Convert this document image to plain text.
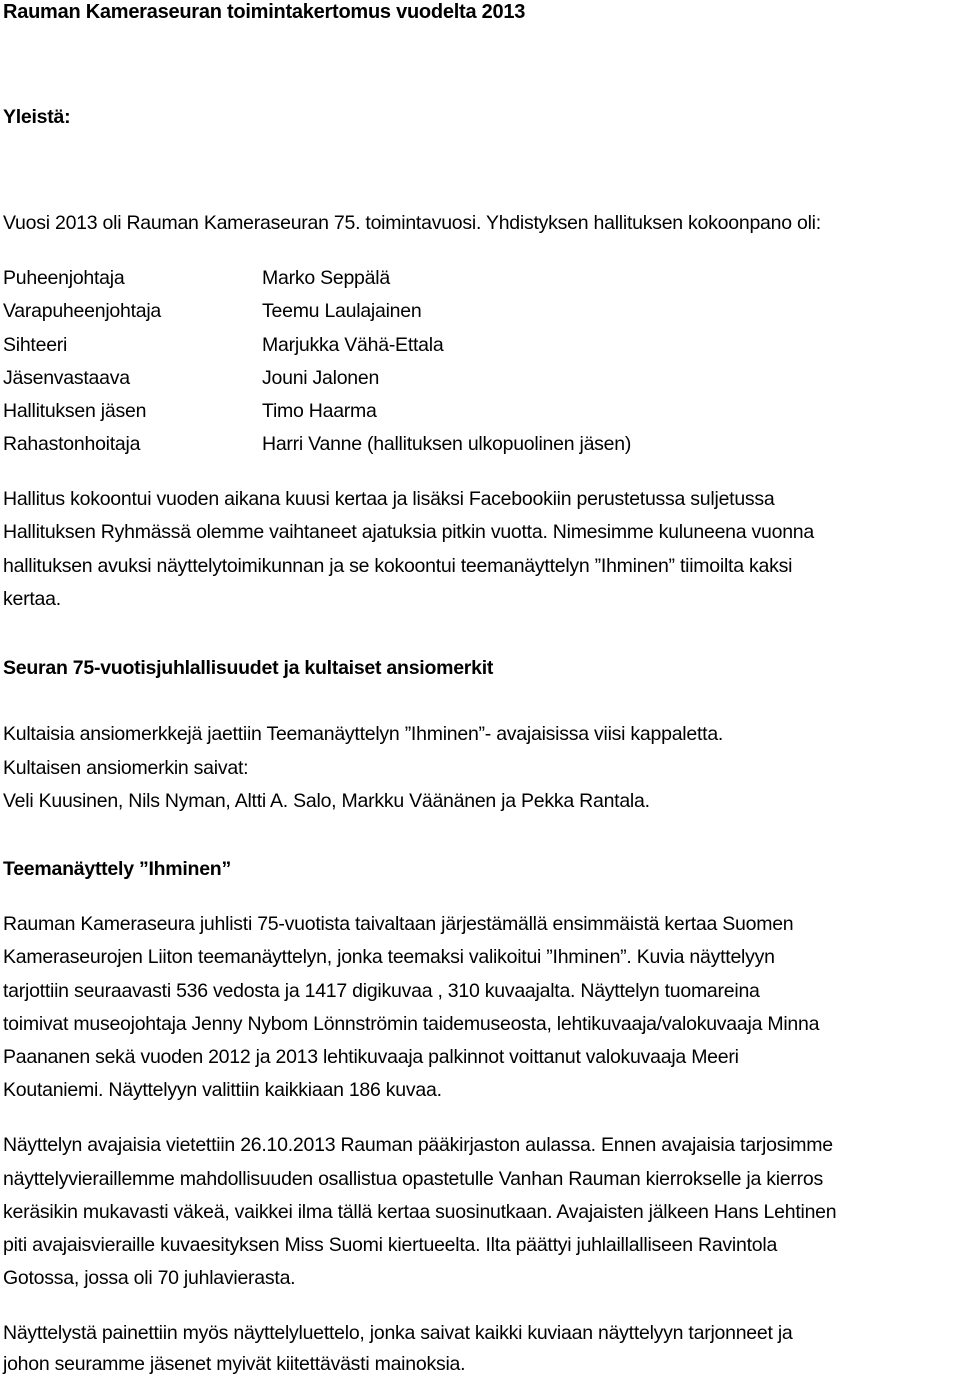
Rauman Kameraseuran toimintakertomus vuodelta 2013
Yleistä:
Vuosi 2013 oli Rauman Kameraseuran 75. toimintavuosi. Yhdistyksen hallituksen kokoonpano oli:
Puheenjohtaja	Marko Seppälä
Varapuheenjohtaja	Teemu Laulajainen
Sihteeri	Marjukka Vähä-Ettala
Jäsenvastaava	Jouni Jalonen
Hallituksen jäsen	Timo Haarma
Rahastonhoitaja	Harri Vanne (hallituksen ulkopuolinen jäsen)
Hallitus kokoontui vuoden aikana kuusi kertaa ja lisäksi Facebookiin perustetussa suljetussa
Hallituksen Ryhmässä olemme vaihtaneet ajatuksia pitkin vuotta. Nimesimme kuluneena vuonna
hallituksen avuksi näyttelytoimikunnan ja se kokoontui teemanäyttelyn ”Ihminen” tiimoilta kaksi
kertaa.
Seuran 75-vuotisjuhlallisuudet ja kultaiset ansiomerkit
Kultaisia ansiomerkkejä jaettiin Teemanäyttelyn ”Ihminen”- avajaisissa viisi kappaletta.
Kultaisen ansiomerkin saivat:
Veli Kuusinen, Nils Nyman, Altti A. Salo, Markku Väänänen ja Pekka Rantala.
Teemanäyttely ”Ihminen”
Rauman Kameraseura juhlisti 75-vuotista taivaltaan järjestämällä ensimmäistä kertaa Suomen
Kameraseurojen Liiton teemanäyttelyn, jonka teemaksi valikoitui ”Ihminen”. Kuvia näyttelyyn
tarjottiin seuraavasti 536 vedosta ja 1417 digikuvaa , 310 kuvaajalta. Näyttelyn tuomareina
toimivat museojohtaja Jenny Nybom Lönnströmin taidemuseosta, lehtikuvaaja/valokuvaaja Minna
Paananen sekä vuoden 2012 ja 2013 lehtikuvaaja palkinnot voittanut valokuvaaja Meeri
Koutaniemi. Näyttelyyn valittiin kaikkiaan 186 kuvaa.
Näyttelyn avajaisia vietettiin 26.10.2013 Rauman pääkirjaston aulassa. Ennen avajaisia tarjosimme
näyttelyvieraillemme mahdollisuuden osallistua opastetulle Vanhan Rauman kierrokselle ja kierros
keräsikin mukavasti väkeä, vaikkei ilma tällä kertaa suosinutkaan. Avajaisten jälkeen Hans Lehtinen
piti avajaisvieraille kuvaesityksen Miss Suomi kiertueelta. Ilta päättyi juhlaillalliseen Ravintola
Gotossa, jossa oli 70 juhlavierasta.
Näyttelystä painettiin myös näyttelyluettelo, jonka saivat kaikki kuviaan näyttelyyn tarjonneet ja
johon seuramme jäsenet myivät kiitettävästi mainoksia.
